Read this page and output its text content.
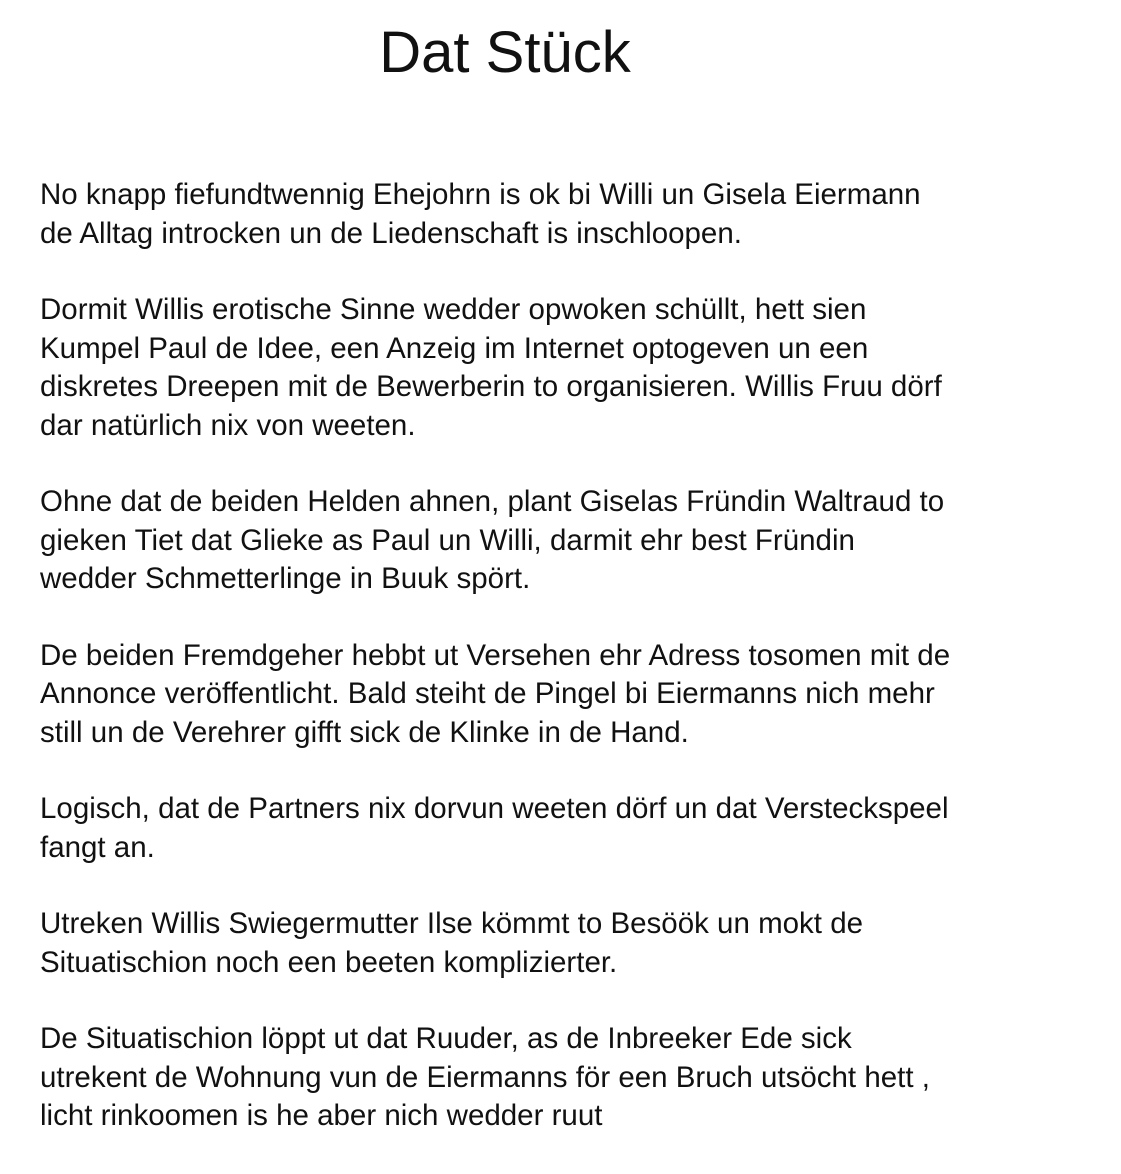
Dat Stück

No knapp fiefundtwennig Ehejohrn is ok bi Willi un Gisela Eiermann
de Alltag introcken un de Liedenschaft is inschloopen.

Dormit Willis erotische Sinne wedder opwoken schüllt, hett sien
Kumpel Paul de Idee, een Anzeig im Internet optogeven un een
diskretes Dreepen mit de Bewerberin to organisieren. Willis Fruu dörf
dar natürlich nix von weeten.

Ohne dat de beiden Helden ahnen, plant Giselas Fründin Waltraud to
gieken Tiet dat Glieke as Paul un Willi, darmit ehr best Fründin
wedder Schmetterlinge in Buuk spört.

De beiden Fremdgeher hebbt ut Versehen ehr Adress tosomen mit de
Annonce veröffentlicht. Bald steiht de Pingel bi Eiermanns nich mehr
still un de Verehrer gifft sick de Klinke in de Hand.

Logisch, dat de Partners nix dorvun weeten dörf un dat Versteckspeel
fangt an.

Utreken Willis Swiegermutter Ilse kömmt to Besöök un mokt de
Situatischion noch een beeten komplizierter.

De Situatischion löppt ut dat Ruuder, as de Inbreeker Ede sick
utrekent de Wohnung vun de Eiermanns för een Bruch utsöcht hett ,
licht rinkoomen is he aber nich wedder ruut
